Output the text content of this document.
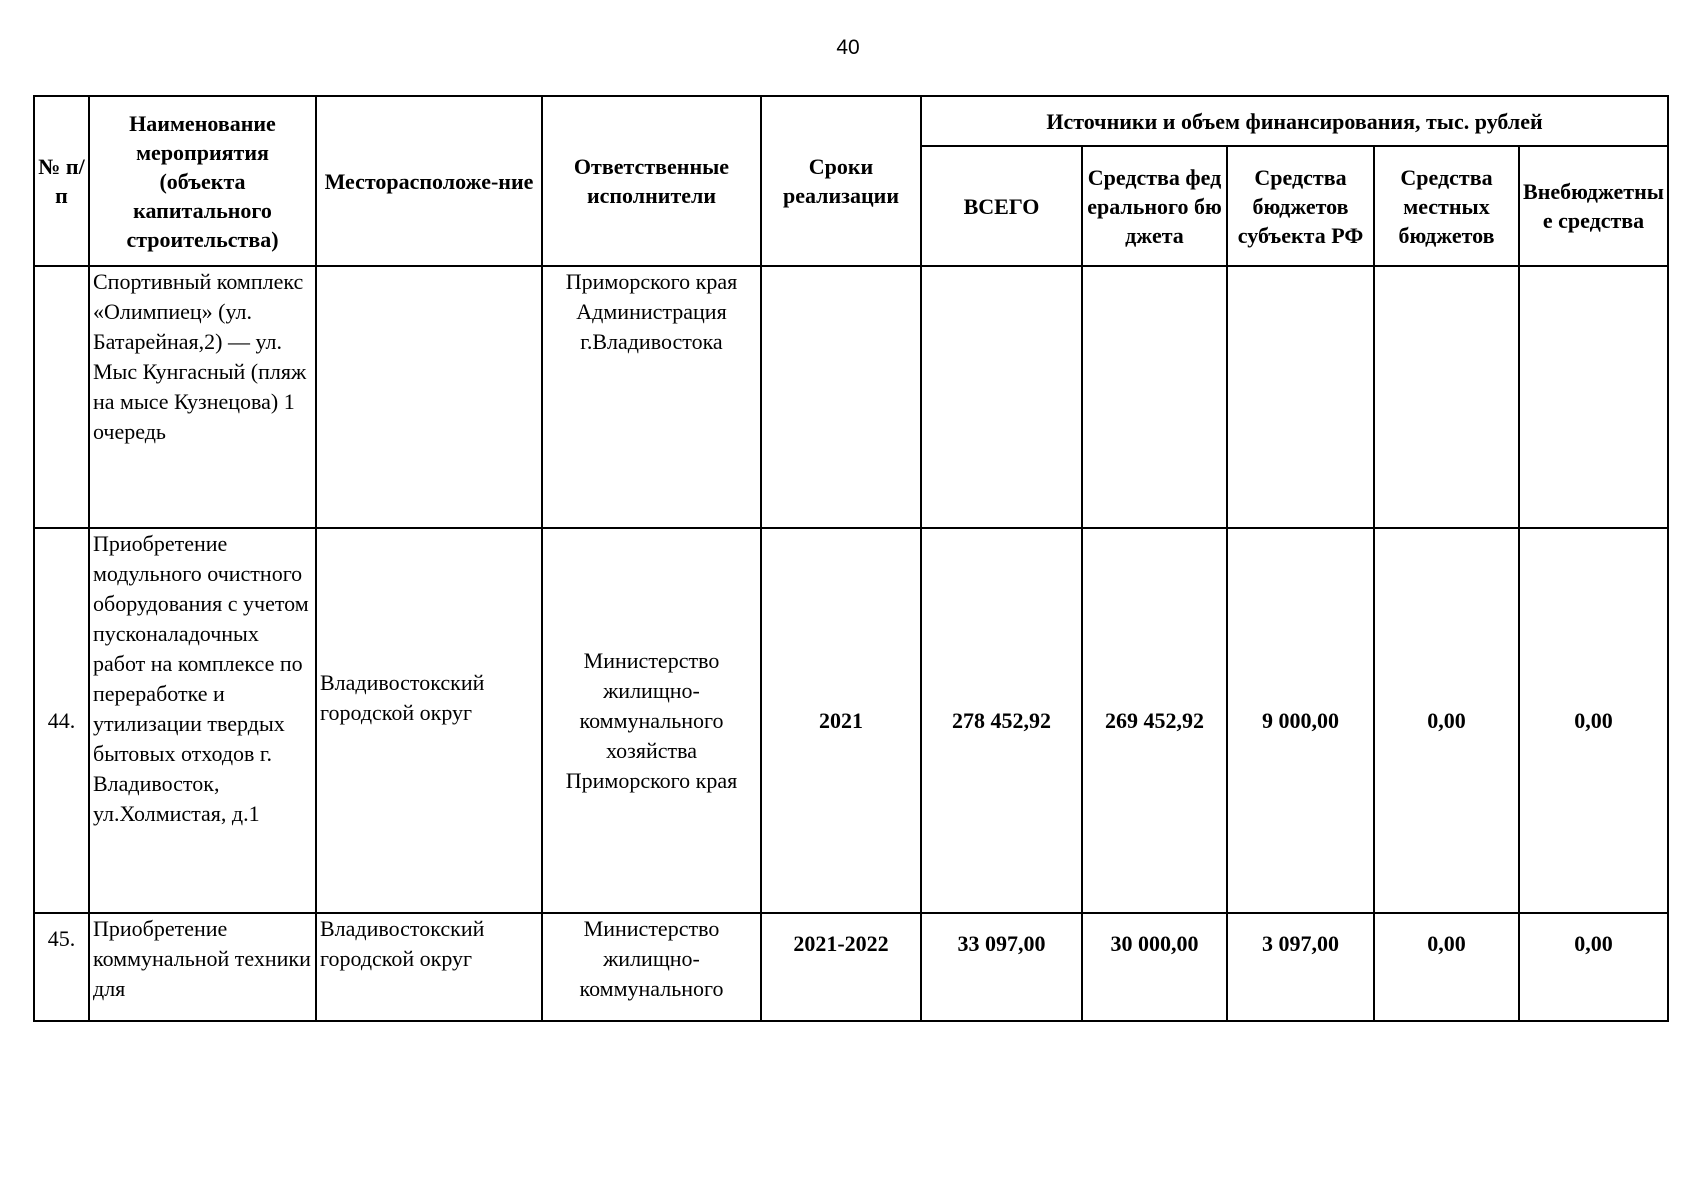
40
№ п/п	Наименование мероприятия (объекта капитального строительства)	Месторасположе-ние	Ответственные исполнители	Сроки реализации	Источники и объем финансирования, тыс. рублей				
					ВСЕГО	Средства федерального бюджета	Средства бюджетов субъекта РФ	Средства местных бюджетов	Внебюджетные средства
	Спортивный комплекс «Олимпиец» (ул. Батарейная,2) — ул. Мыс Кунгасный (пляж на мысе Кузнецова) 1 очередь		Приморского края Администрация г.Владивостока						
44.	Приобретение модульного очистного оборудования с учетом пусконаладочных работ на комплексе по переработке и утилизации твердых бытовых отходов г. Владивосток, ул.Холмистая, д.1	Владивостокский городской округ	Министерство жилищно-коммунального хозяйства Приморского края	2021	278 452,92	269 452,92	9 000,00	0,00	0,00
45.	Приобретение коммунальной техники для	Владивостокский городской округ	Министерство жилищно-коммунального	2021-2022	33 097,00	30 000,00	3 097,00	0,00	0,00
